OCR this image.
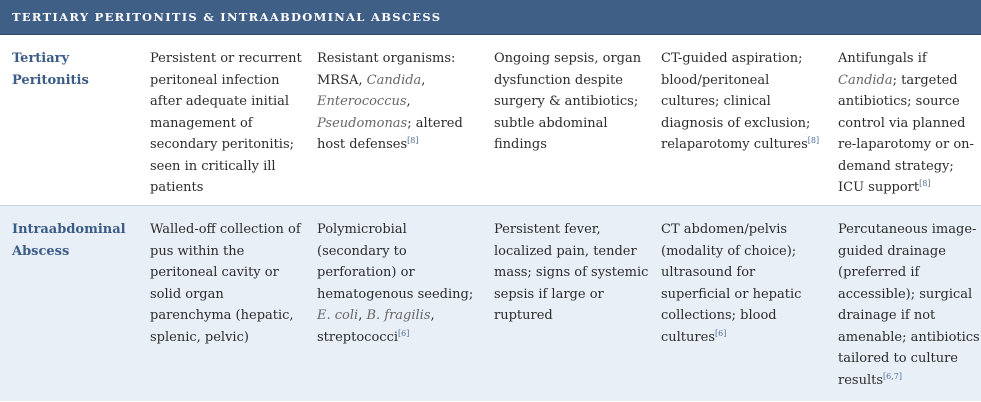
TERTIARY PERITONITIS & INTRAABDOMINAL ABSCESS
Tertiary Peritonitis
Persistent or recurrent peritoneal infection after adequate initial management of secondary peritonitis; seen in critically ill patients
Resistant organisms: MRSA, Candida, Enterococcus, Pseudomonas; altered host defenses[8]
Ongoing sepsis, organ dysfunction despite surgery & antibiotics; subtle abdominal findings
CT-guided aspiration; blood/peritoneal cultures; clinical diagnosis of exclusion; relaparotomy cultures[8]
Antifungals if Candida; targeted antibiotics; source control via planned re-laparotomy or on-demand strategy; ICU support[8]
Intraabdominal Abscess
Walled-off collection of pus within the peritoneal cavity or solid organ parenchyma (hepatic, splenic, pelvic)
Polymicrobial (secondary to perforation) or hematogenous seeding; E. coli, B. fragilis, streptococci[6]
Persistent fever, localized pain, tender mass; signs of systemic sepsis if large or ruptured
CT abdomen/pelvis (modality of choice); ultrasound for superficial or hepatic collections; blood cultures[6]
Percutaneous image-guided drainage (preferred if accessible); surgical drainage if not amenable; antibiotics tailored to culture results[6,7]
